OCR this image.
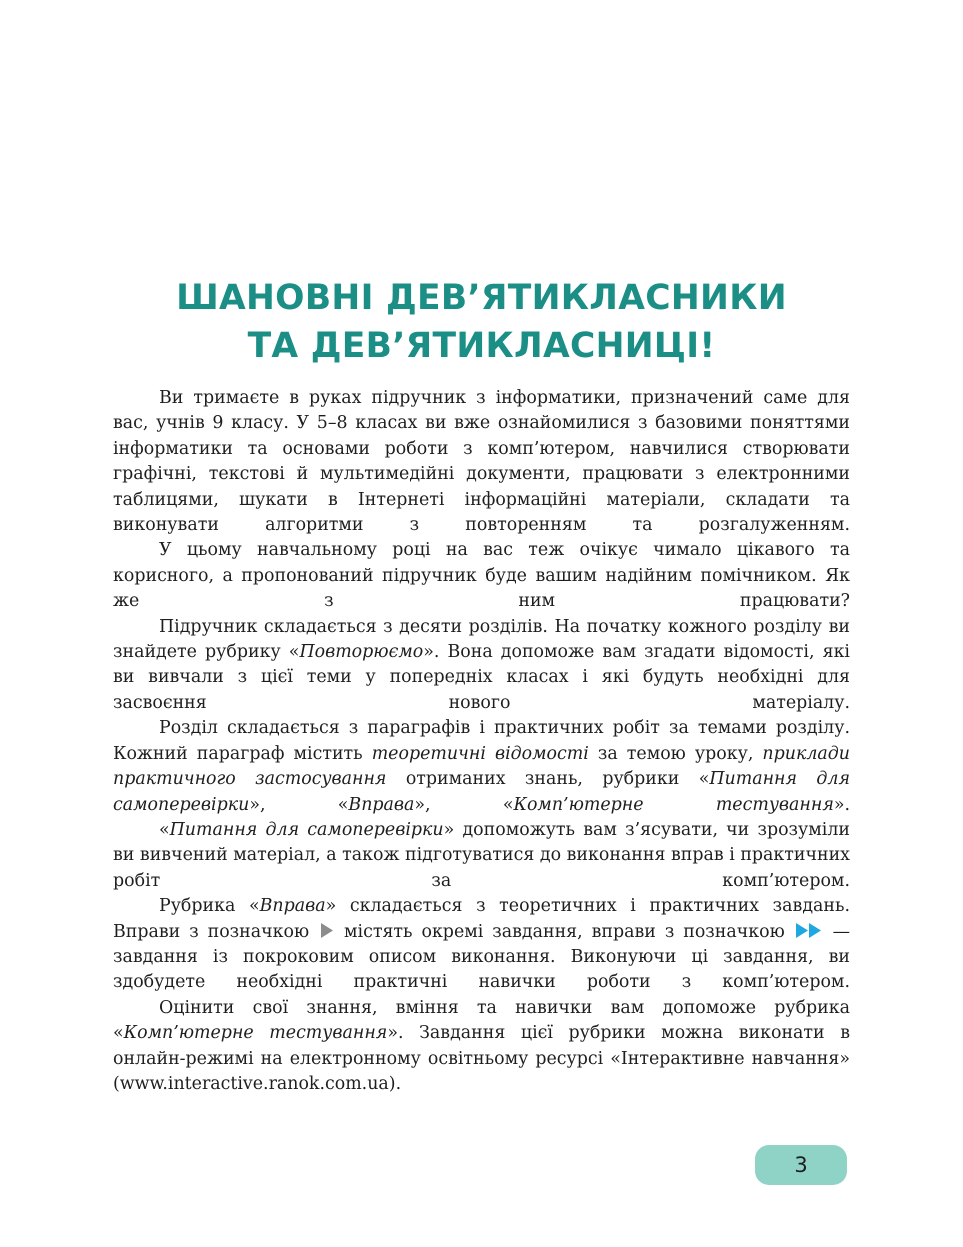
ШАНОВНІ ДЕВ’ЯТИКЛАСНИКИ
ТА ДЕВ’ЯТИКЛАСНИЦІ!

Ви тримаєте в руках підручник з інформатики, призначений саме для вас, учнів 9 класу. У 5–8 класах ви вже ознайомилися з базовими поняттями інформатики та основами роботи з комп’ютером, навчилися створювати графічні, текстові й мультимедійні документи, працювати з електронними таблицями, шукати в Інтернеті інформаційні матеріали, складати та виконувати алгоритми з повторенням та розгалуженням.

У цьому навчальному році на вас теж очікує чимало цікавого та корисного, а пропонований підручник буде вашим надійним помічником. Як же з ним працювати?

Підручник складається з десяти розділів. На початку кожного розділу ви знайдете рубрику «Повторюємо». Вона допоможе вам згадати відомості, які ви вивчали з цієї теми у попередніх класах і які будуть необхідні для засвоєння нового матеріалу.

Розділ складається з параграфів і практичних робіт за темами розділу. Кожний параграф містить теоретичні відомості за темою уроку, приклади практичного застосування отриманих знань, рубрики «Питання для самоперевірки», «Вправа», «Комп’ютерне тестування».

«Питання для самоперевірки» допоможуть вам з’ясувати, чи зрозуміли ви вивчений матеріал, а також підготуватися до виконання вправ і практичних робіт за комп’ютером.

Рубрика «Вправа» складається з теоретичних і практичних завдань. Вправи з позначкою містять окремі завдання, вправи з позначкою	— завдання із покроковим описом виконання. Виконуючи ці завдання, ви здобудете необхідні практичні навички роботи з комп’ютером.

Оцінити свої знання, вміння та навички вам допоможе рубрика «Комп’ютерне тестування». Завдання цієї рубрики можна виконати в онлайн-режимі на електронному освітньому ресурсі «Інтерактивне навчання» (www.interactive.ranok.com.ua).

3
